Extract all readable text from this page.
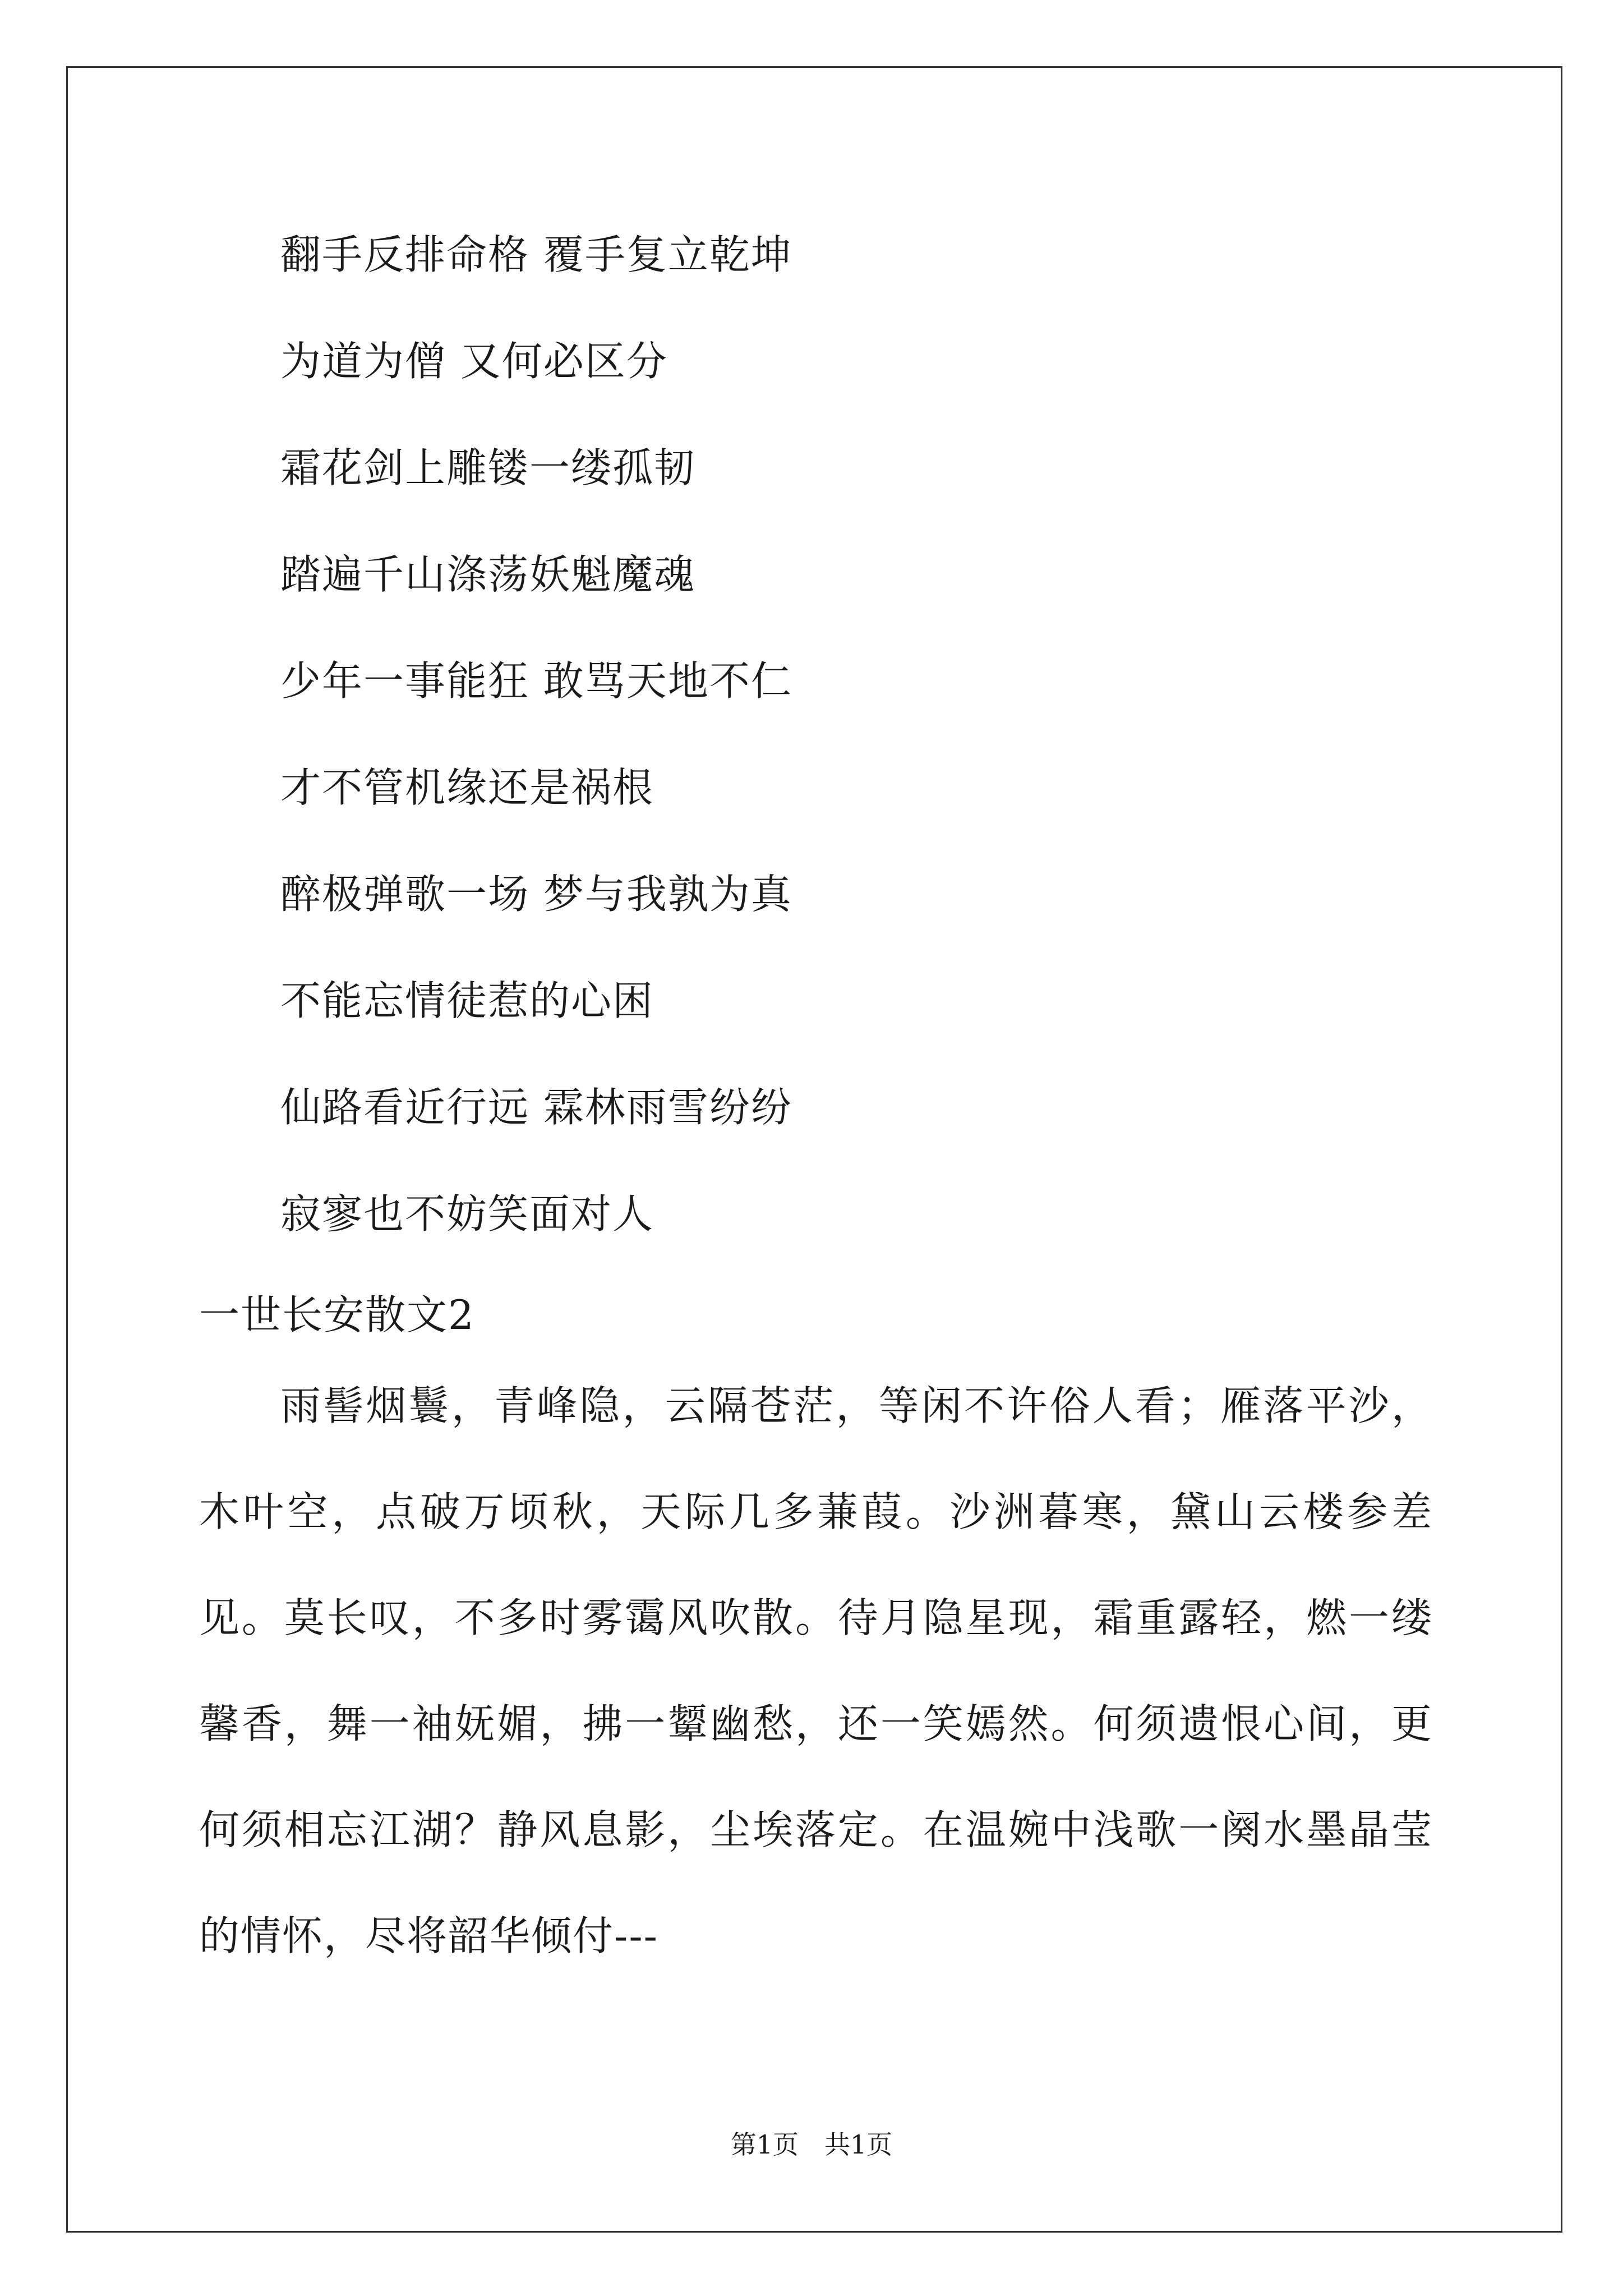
翻手反排命格 覆手复立乾坤
为道为僧 又何必区分
霜花剑上雕镂一缕孤韧
踏遍千山涤荡妖魁魔魂
少年一事能狂 敢骂天地不仁
才不管机缘还是祸根
醉极弹歌一场 梦与我孰为真
不能忘情徒惹的心困
仙路看近行远 霖林雨雪纷纷
寂寥也不妨笑面对人
一世长安散文2

雨髻烟鬟，青峰隐，云隔苍茫，等闲不许俗人看；雁落平沙，木叶空，点破万顷秋，天际几多蒹葭。沙洲暮寒，黛山云楼参差见。莫长叹，不多时雾霭风吹散。待月隐星现，霜重露轻，燃一缕馨香，舞一袖妩媚，拂一颦幽愁，还一笑嫣然。何须遗恨心间，更何须相忘江湖？静风息影，尘埃落定。在温婉中浅歌一阕水墨晶莹的情怀，尽将韶华倾付---

第1页　共1页
